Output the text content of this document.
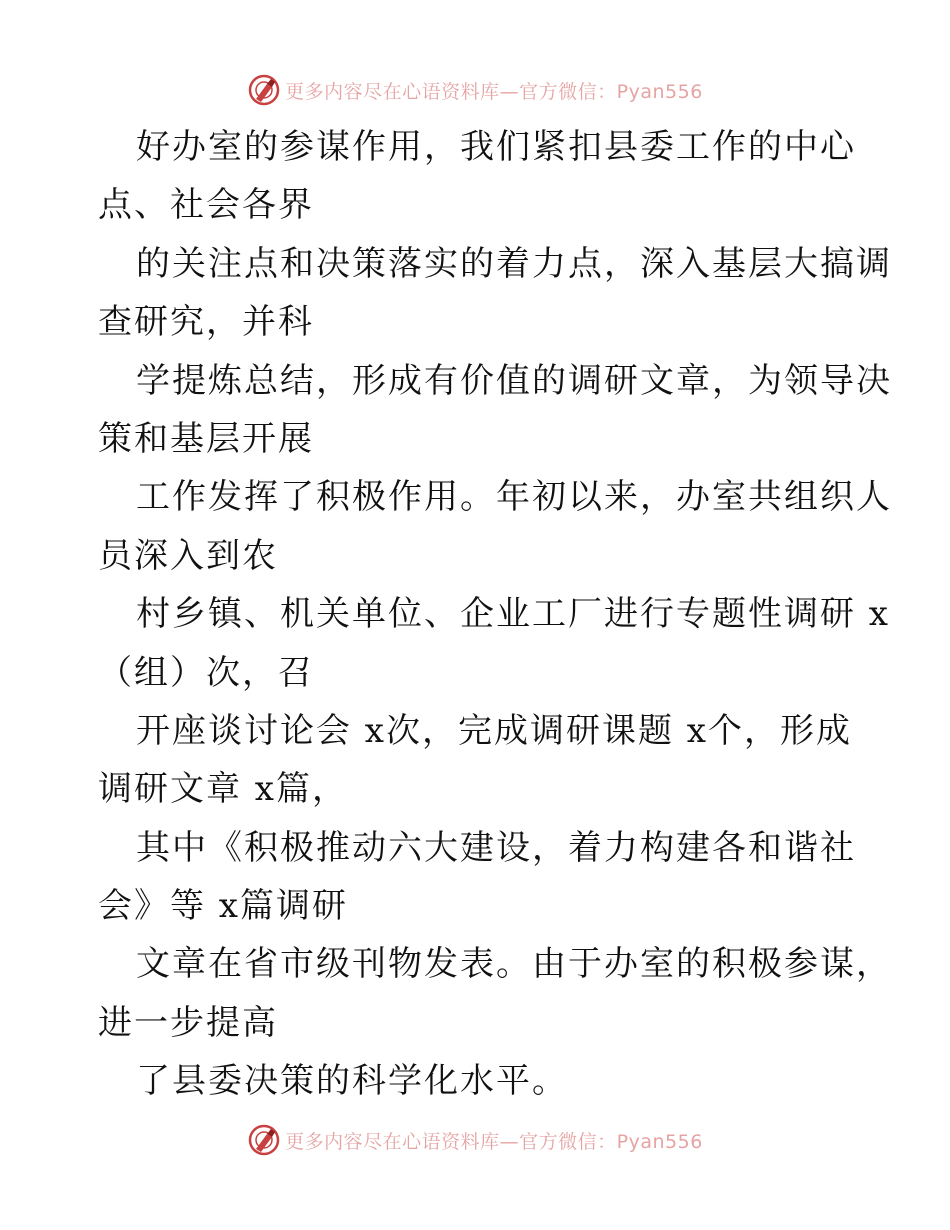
更多内容尽在心语资料库—官方微信：Pyan556
好办室的参谋作用，我们紧扣县委工作的中心
点、社会各界
的关注点和决策落实的着力点，深入基层大搞调
查研究，并科
学提炼总结，形成有价值的调研文章，为领导决
策和基层开展
工作发挥了积极作用。年初以来，办室共组织人
员深入到农
村乡镇、机关单位、企业工厂进行专题性调研 x
（组）次，召
开座谈讨论会 x次，完成调研课题 x个，形成
调研文章 x篇，
其中《积极推动六大建设，着力构建各和谐社
会》等 x篇调研
文章在省市级刊物发表。由于办室的积极参谋，
进一步提高
了县委决策的科学化水平。
更多内容尽在心语资料库—官方微信：Pyan556
